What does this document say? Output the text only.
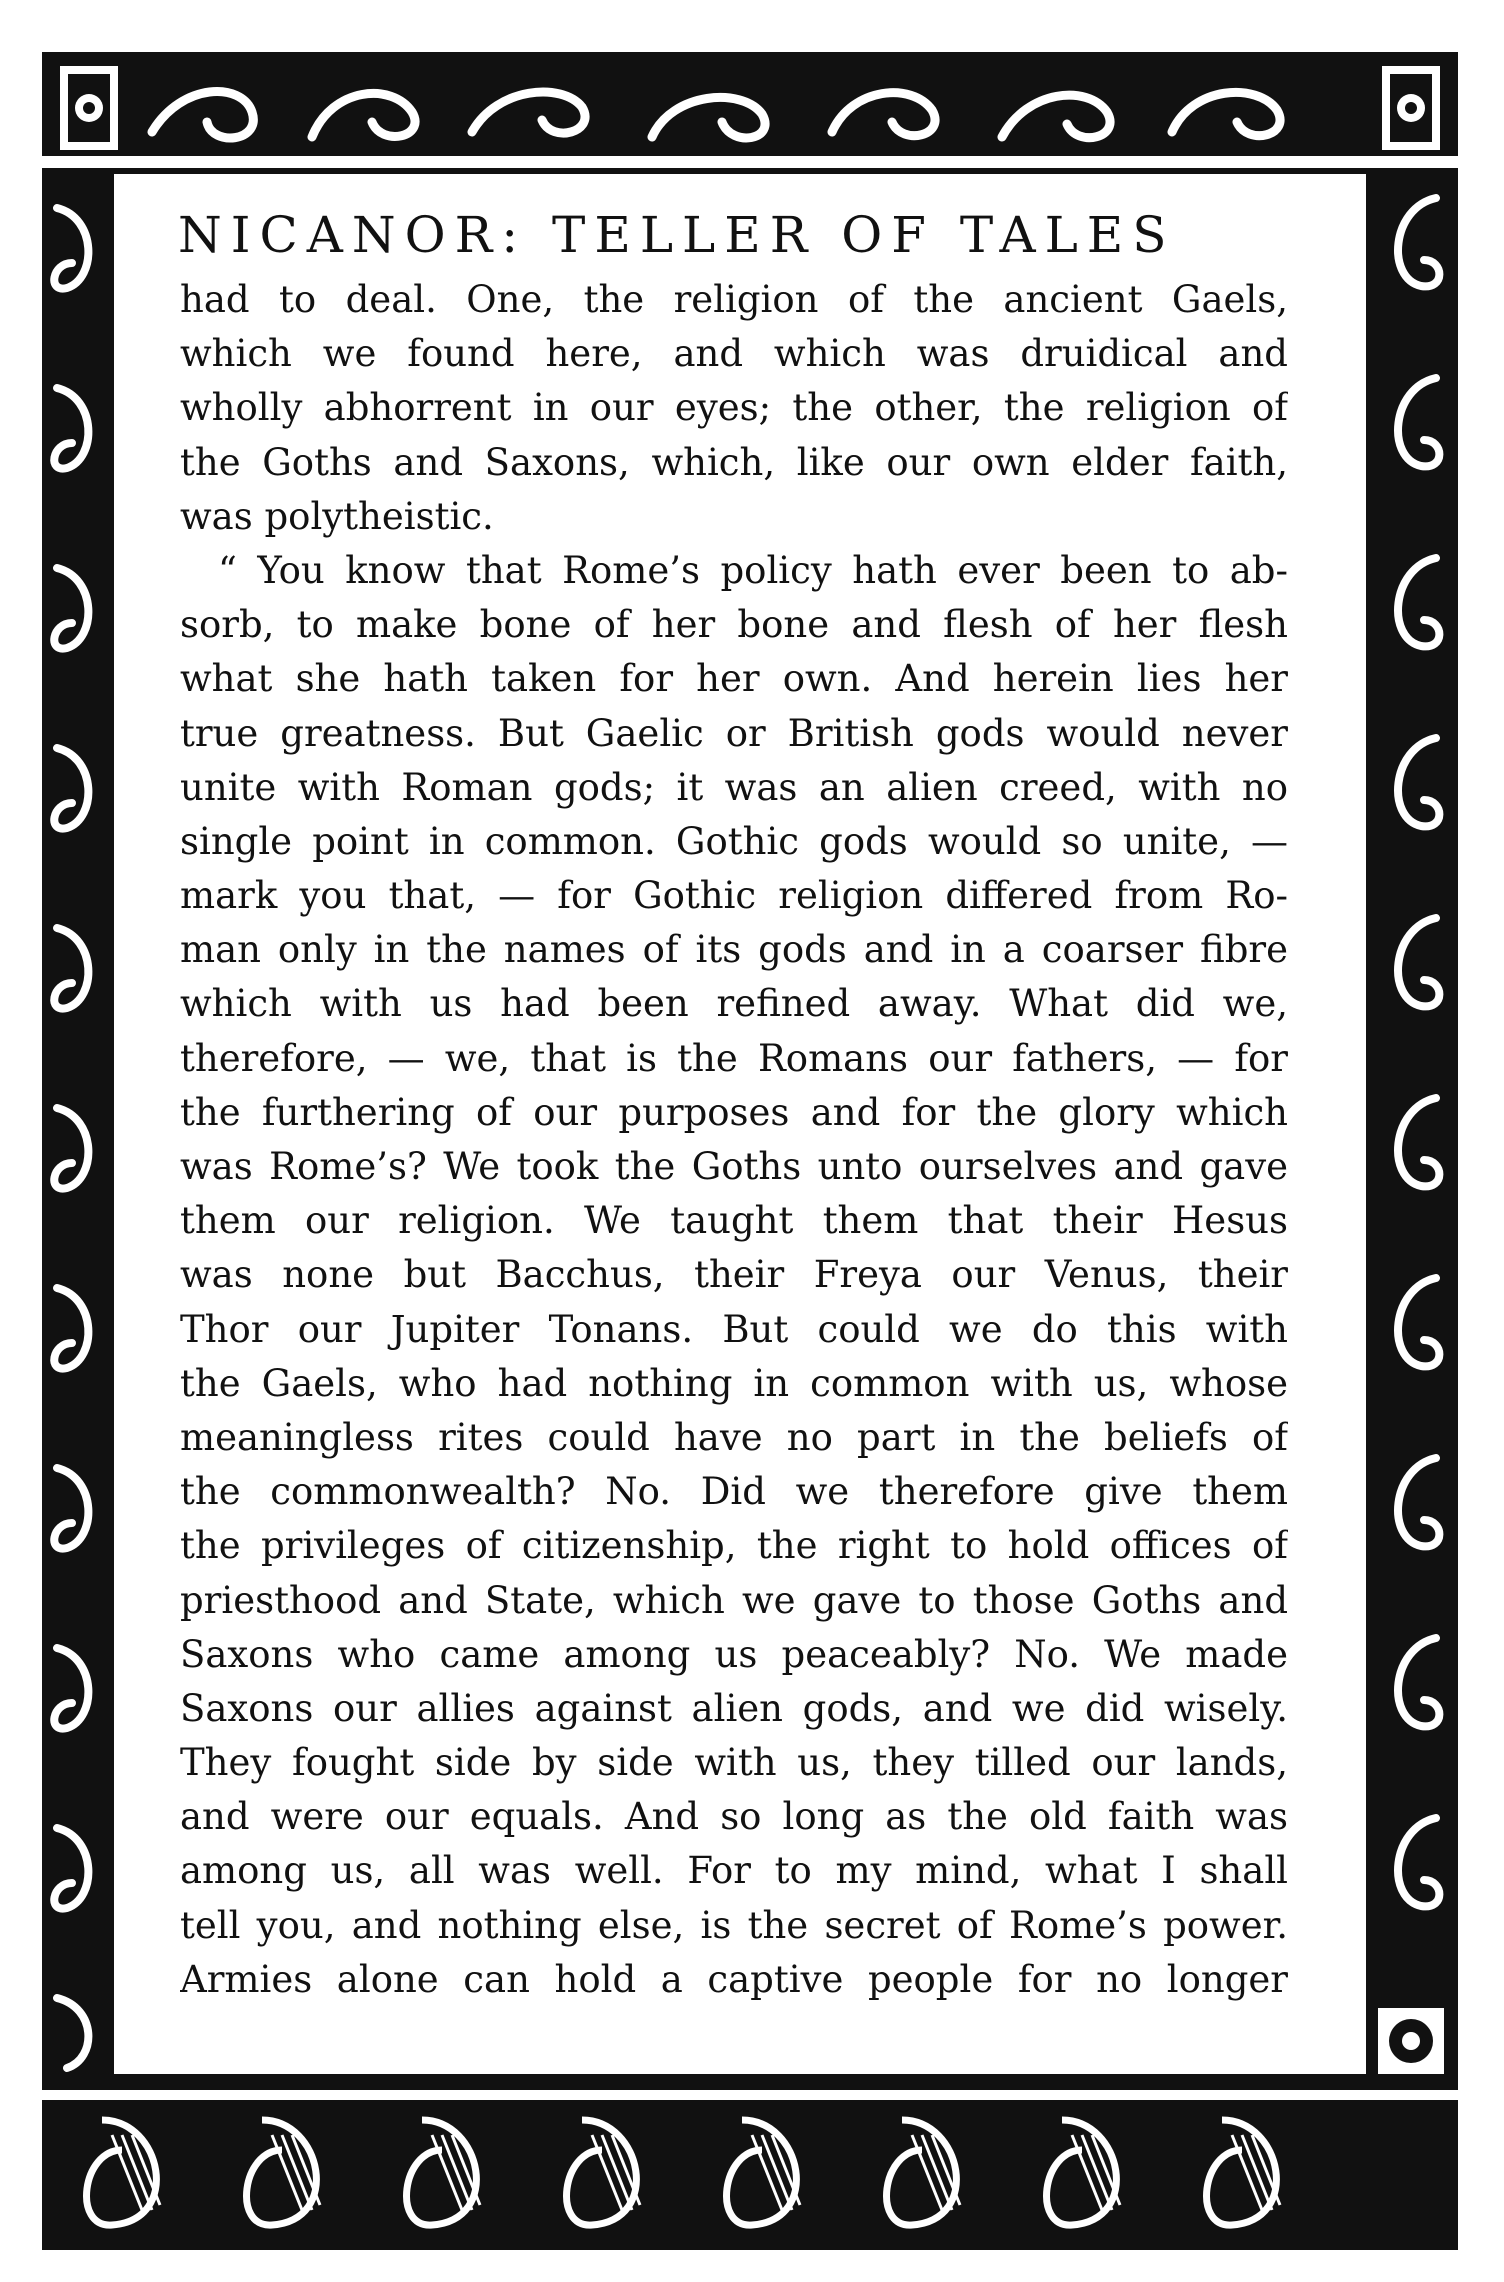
NICANOR: TELLER OF TALES
had to deal. One, the religion of the ancient Gaels,
which we found here, and which was druidical and
wholly abhorrent in our eyes; the other, the religion of
the Goths and Saxons, which, like our own elder faith,
was polytheistic.
“ You know that Rome’s policy hath ever been to ab-
sorb, to make bone of her bone and flesh of her flesh
what she hath taken for her own. And herein lies her
true greatness. But Gaelic or British gods would never
unite with Roman gods; it was an alien creed, with no
single point in common. Gothic gods would so unite, —
mark you that, — for Gothic religion differed from Ro-
man only in the names of its gods and in a coarser fibre
which with us had been refined away. What did we,
therefore, — we, that is the Romans our fathers, — for
the furthering of our purposes and for the glory which
was Rome’s? We took the Goths unto ourselves and gave
them our religion. We taught them that their Hesus
was none but Bacchus, their Freya our Venus, their
Thor our Jupiter Tonans. But could we do this with
the Gaels, who had nothing in common with us, whose
meaningless rites could have no part in the beliefs of
the commonwealth? No. Did we therefore give them
the privileges of citizenship, the right to hold offices of
priesthood and State, which we gave to those Goths and
Saxons who came among us peaceably? No. We made
Saxons our allies against alien gods, and we did wisely.
They fought side by side with us, they tilled our lands,
and were our equals. And so long as the old faith was
among us, all was well. For to my mind, what I shall
tell you, and nothing else, is the secret of Rome’s power.
Armies alone can hold a captive people for no longer
